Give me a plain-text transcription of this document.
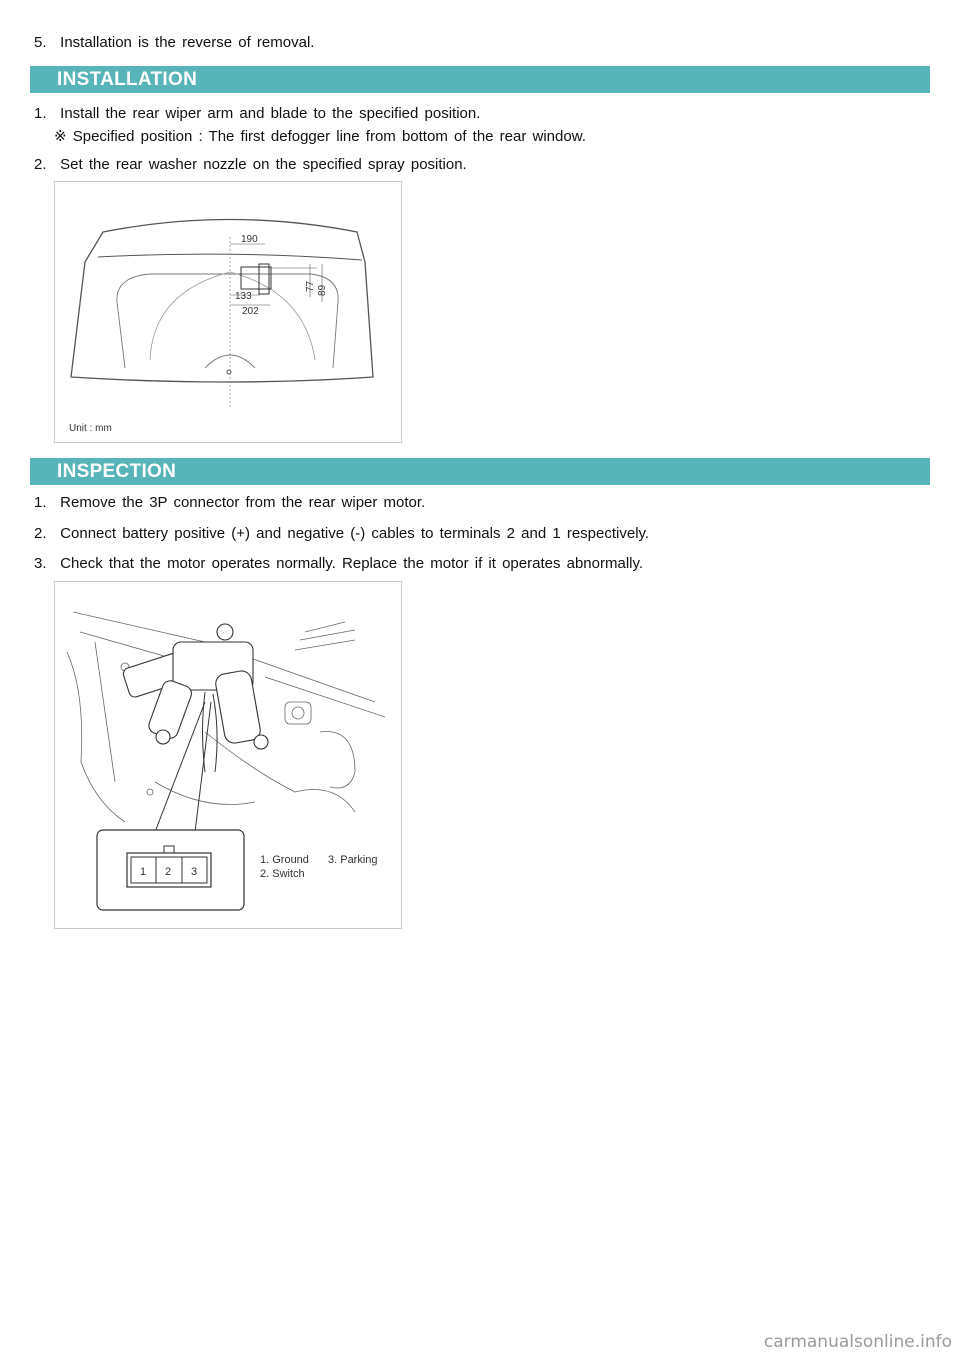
5. Installation is the reverse of removal.
INSTALLATION
1. Install the rear wiper arm and blade to the specified position.
※ Specified position : The first defogger line from bottom of the rear window.
2. Set the rear washer nozzle on the specified spray position.
190
133
202
77 89
Unit : mm
INSPECTION
1. Remove the 3P connector from the rear wiper motor.
2. Connect battery positive (+) and negative (-) cables to terminals 2 and 1 respectively.
3. Check that the motor operates normally. Replace the motor if it operates abnormally.
1 2 3
1. Ground 3. Parking
2. Switch
carmanualsonline.info
